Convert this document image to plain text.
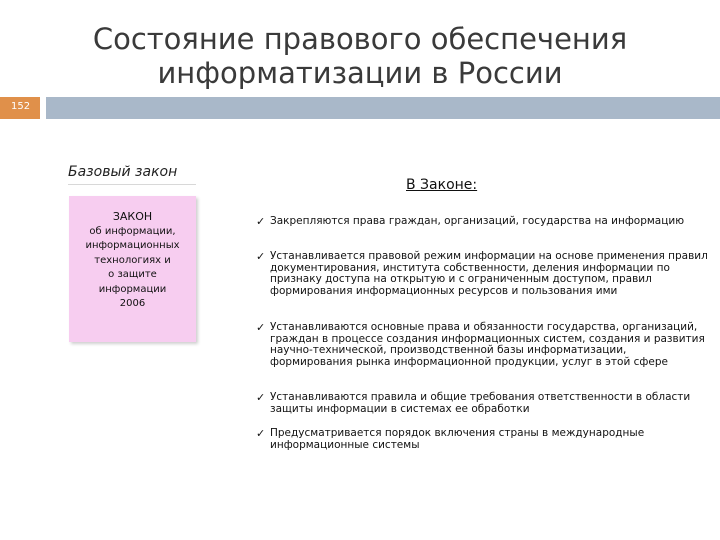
Состояние правового обеспечения
информатизации в России
152
Базовый закон
ЗАКОН
об информации,
информационных
технологиях и
о защите
информации
2006
В Законе:
✓ Закрепляются права граждан, организаций, государства на информацию
✓ Устанавливается правовой режим информации на основе применения правил документирования, института собственности, деления информации по признаку доступа на открытую и с ограниченным доступом, правил формирования информационных ресурсов и пользования ими
✓ Устанавливаются основные права и обязанности государства, организаций, граждан в процессе создания информационных систем, создания и развития научно-технической, производственной базы информатизации, формирования рынка информационной продукции, услуг в этой сфере
✓ Устанавливаются правила и общие требования ответственности в области защиты информации в системах ее обработки
✓ Предусматривается порядок включения страны в международные информационные системы
